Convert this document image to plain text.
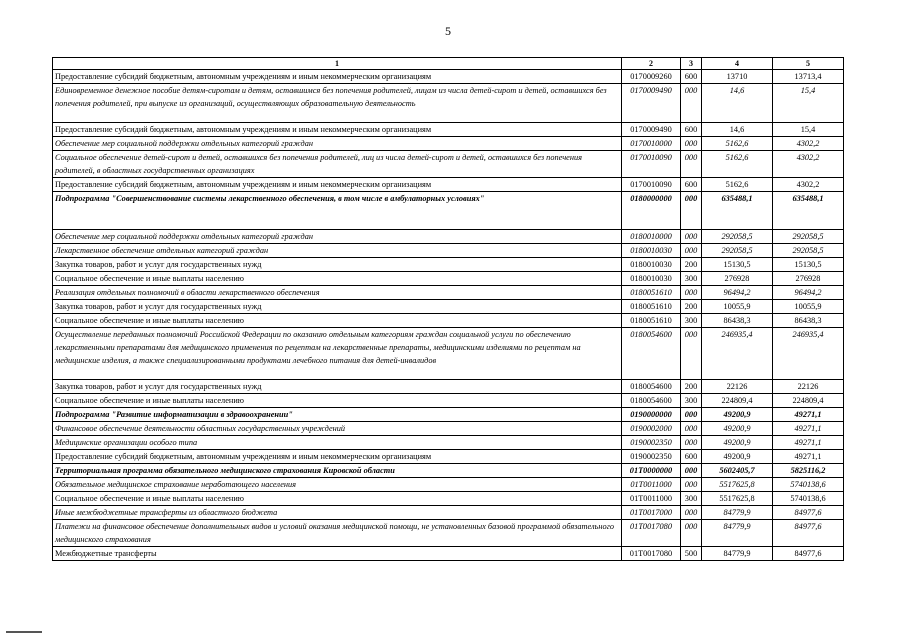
5
1	2	3	4	5
Предоставление субсидий бюджетным, автономным учреждениям и иным некоммерческим организациям	0170009260	600	13710	13713,4
Единовременное денежное пособие детям-сиротам и детям, оставшимся без попечения родителей, лицам из числа детей-сирот и детей, оставшихся без попечения родителей, при выпуске из организаций, осуществляющих образовательную деятельность	0170009490	000	14,6	15,4
Предоставление субсидий бюджетным, автономным учреждениям и иным некоммерческим организациям	0170009490	600	14,6	15,4
Обеспечение мер социальной поддержки отдельных категорий граждан	0170010000	000	5162,6	4302,2
Социальное обеспечение детей-сирот и детей, оставшихся без попечения родителей, лиц из числа детей-сирот и детей, оставшихся без попечения родителей, в областных государственных организациях	0170010090	000	5162,6	4302,2
Предоставление субсидий бюджетным, автономным учреждениям и иным некоммерческим организациям	0170010090	600	5162,6	4302,2
Подпрограмма "Совершенствование системы лекарственного обеспечения, в том числе в амбулаторных условиях"	0180000000	000	635488,1	635488,1
Обеспечение мер социальной поддержки отдельных категорий граждан	0180010000	000	292058,5	292058,5
Лекарственное обеспечение отдельных категорий граждан	0180010030	000	292058,5	292058,5
Закупка товаров, работ и услуг для государственных нужд	0180010030	200	15130,5	15130,5
Социальное обеспечение и иные выплаты населению	0180010030	300	276928	276928
Реализация отдельных полномочий в области лекарственного обеспечения	0180051610	000	96494,2	96494,2
Закупка товаров, работ и услуг для государственных нужд	0180051610	200	10055,9	10055,9
Социальное обеспечение и иные выплаты населению	0180051610	300	86438,3	86438,3
Осуществление переданных полномочий Российской Федерации по оказанию отдельным категориям граждан социальной услуги по обеспечению лекарственными препаратами для медицинского применения по рецептам на лекарственные препараты, медицинскими изделиями по рецептам на медицинские изделия, а также специализированными продуктами лечебного питания для детей-инвалидов	0180054600	000	246935,4	246935,4
Закупка товаров, работ и услуг для государственных нужд	0180054600	200	22126	22126
Социальное обеспечение и иные выплаты населению	0180054600	300	224809,4	224809,4
Подпрограмма "Развитие информатизации в здравоохранении"	0190000000	000	49200,9	49271,1
Финансовое обеспечение деятельности областных государственных учреждений	0190002000	000	49200,9	49271,1
Медицинские организации особого типа	0190002350	000	49200,9	49271,1
Предоставление субсидий бюджетным, автономным учреждениям и иным некоммерческим организациям	0190002350	600	49200,9	49271,1
Территориальная программа обязательного медицинского страхования Кировской области	01Т0000000	000	5602405,7	5825116,2
Обязательное медицинское страхование неработающего населения	01Т0011000	000	5517625,8	5740138,6
Социальное обеспечение и иные выплаты населению	01Т0011000	300	5517625,8	5740138,6
Иные межбюджетные трансферты из областного бюджета	01Т0017000	000	84779,9	84977,6
Платежи на финансовое обеспечение дополнительных видов и условий оказания медицинской помощи, не установленных базовой программой обязательного медицинского страхования	01Т0017080	000	84779,9	84977,6
Межбюджетные трансферты	01Т0017080	500	84779,9	84977,6
